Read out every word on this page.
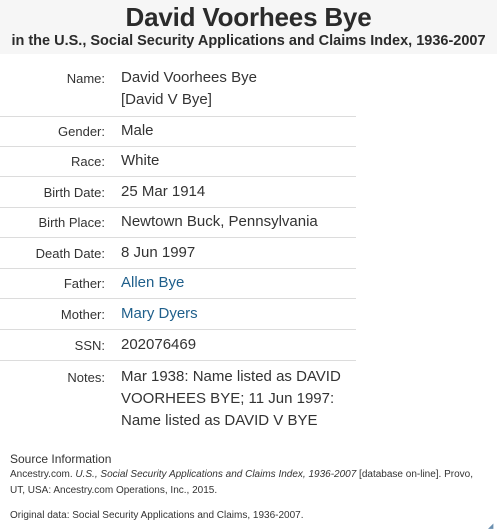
David Voorhees Bye
in the U.S., Social Security Applications and Claims Index, 1936-2007
Name: David Voorhees Bye
[David V Bye]
Gender: Male
Race: White
Birth Date: 25 Mar 1914
Birth Place: Newtown Buck, Pennsylvania
Death Date: 8 Jun 1997
Father: Allen Bye
Mother: Mary Dyers
SSN: 202076469
Notes: Mar 1938: Name listed as DAVID
VOORHEES BYE; 11 Jun 1997:
Name listed as DAVID V BYE
Source Information
Ancestry.com. U.S., Social Security Applications and Claims Index, 1936-2007 [database on-line]. Provo, UT, USA: Ancestry.com Operations, Inc., 2015.
Original data: Social Security Applications and Claims, 1936-2007.
◢
